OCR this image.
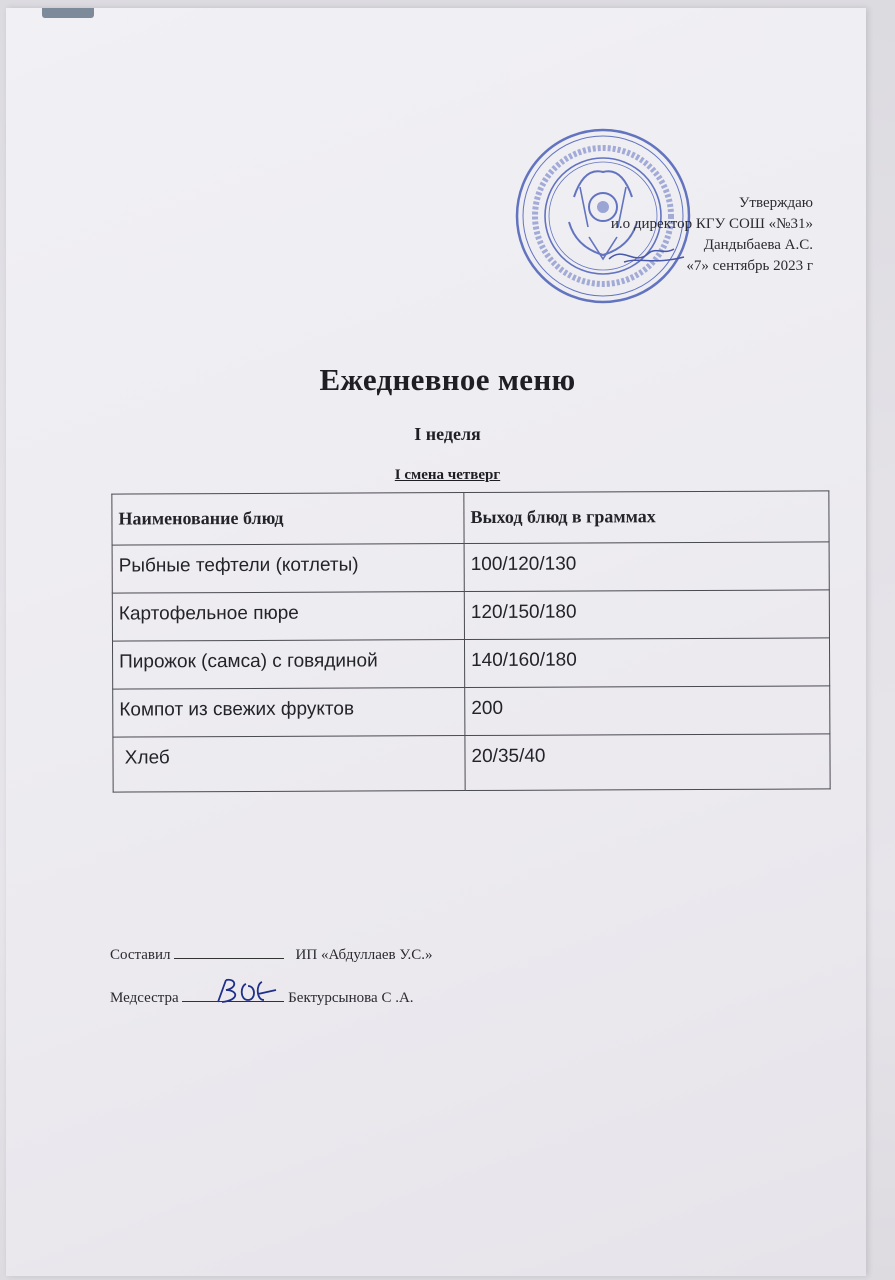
Утверждаю
и.о директор КГУ СОШ «№31»
Дандыбаева А.С.
«7» сентябрь 2023 г
Ежедневное меню
I неделя
I смена четверг
Наименование блюд	Выход блюд в граммах
Рыбные тефтели (котлеты)	100/120/130
Картофельное пюре	120/150/180
Пирожок (самса) с говядиной	140/160/180
Компот из свежих фруктов	200
Хлеб	20/35/40
Составил	ИП «Абдуллаев У.С.»
Медсестра	Бектурсынова С .А.
